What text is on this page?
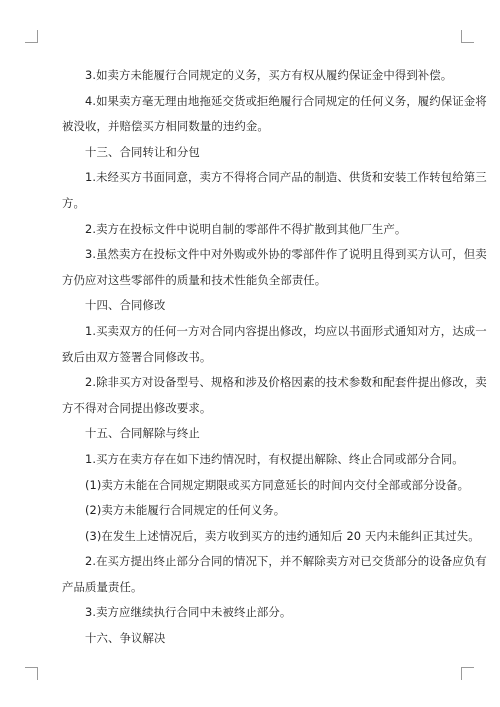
3.如卖方未能履行合同规定的义务，买方有权从履约保证金中得到补偿。

4.如果卖方毫无理由地拖延交货或拒绝履行合同规定的任何义务，履约保证金将
被没收，并赔偿买方相同数量的违约金。

十三、合同转让和分包

1.未经买方书面同意，卖方不得将合同产品的制造、供货和安装工作转包给第三
方。

2.卖方在投标文件中说明自制的零部件不得扩散到其他厂生产。

3.虽然卖方在投标文件中对外购或外协的零部件作了说明且得到买方认可，但卖
方仍应对这些零部件的质量和技术性能负全部责任。

十四、合同修改

1.买卖双方的任何一方对合同内容提出修改，均应以书面形式通知对方，达成一
致后由双方签署合同修改书。

2.除非买方对设备型号、规格和涉及价格因素的技术参数和配套件提出修改，卖
方不得对合同提出修改要求。

十五、合同解除与终止

1.买方在卖方存在如下违约情况时，有权提出解除、终止合同或部分合同。

(1)卖方未能在合同规定期限或买方同意延长的时间内交付全部或部分设备。

(2)卖方未能履行合同规定的任何义务。

(3)在发生上述情况后，卖方收到买方的违约通知后 20 天内未能纠正其过失。

2.在买方提出终止部分合同的情况下，并不解除卖方对已交货部分的设备应负有
产品质量责任。

3.卖方应继续执行合同中未被终止部分。

十六、争议解决
